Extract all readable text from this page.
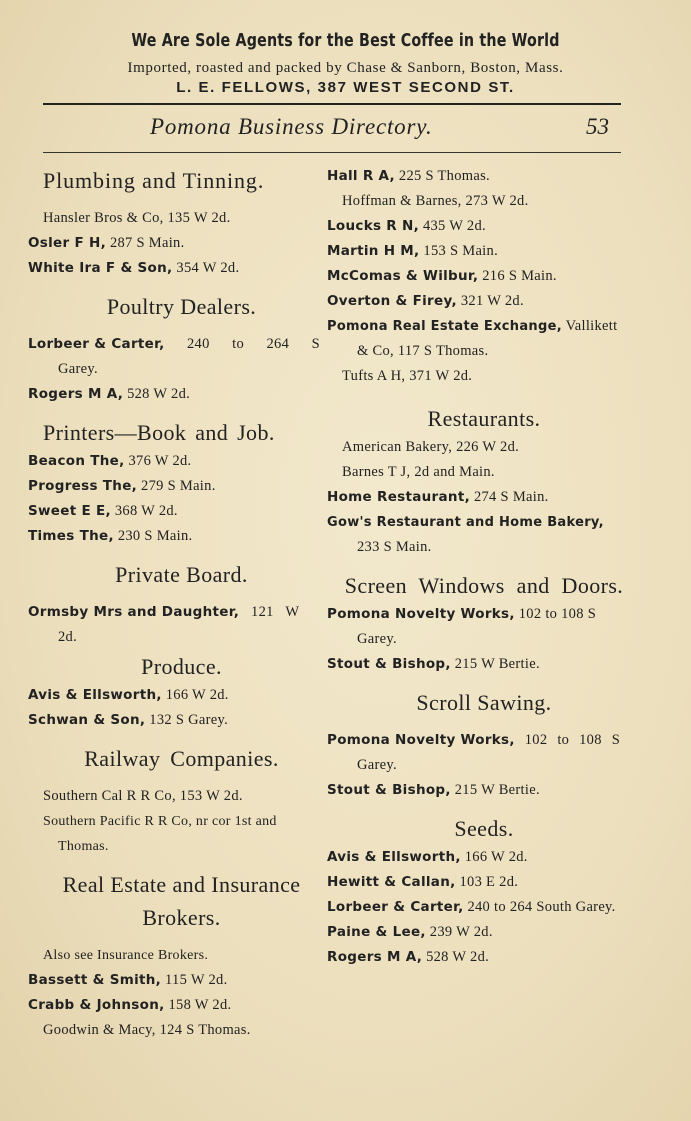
We Are Sole Agents for the Best Coffee in the World
Imported, roasted and packed by Chase & Sanborn, Boston, Mass.
L. E. FELLOWS, 387 WEST SECOND ST.
Pomona Business Directory.	53
Plumbing and Tinning.
Hansler Bros & Co, 135 W 2d.
Osler F H, 287 S Main.
White Ira F & Son, 354 W 2d.
Poultry Dealers.
Lorbeer & Carter, 240 to 264 S Garey.
Rogers M A, 528 W 2d.
Printers—Book and Job.
Beacon The, 376 W 2d.
Progress The, 279 S Main.
Sweet E E, 368 W 2d.
Times The, 230 S Main.
Private Board.
Ormsby Mrs and Daughter, 121 W 2d.
Produce.
Avis & Ellsworth, 166 W 2d.
Schwan & Son, 132 S Garey.
Railway Companies.
Southern Cal R R Co, 153 W 2d.
Southern Pacific R R Co, nr cor 1st and Thomas.
Real Estate and Insurance Brokers.
Also see Insurance Brokers.
Bassett & Smith, 115 W 2d.
Crabb & Johnson, 158 W 2d.
Goodwin & Macy, 124 S Thomas.
Hall R A, 225 S Thomas.
Hoffman & Barnes, 273 W 2d.
Loucks R N, 435 W 2d.
Martin H M, 153 S Main.
McComas & Wilbur, 216 S Main.
Overton & Firey, 321 W 2d.
Pomona Real Estate Exchange, Vallikett & Co, 117 S Thomas.
Tufts A H, 371 W 2d.
Restaurants.
American Bakery, 226 W 2d.
Barnes T J, 2d and Main.
Home Restaurant, 274 S Main.
Gow's Restaurant and Home Bakery, 233 S Main.
Screen Windows and Doors.
Pomona Novelty Works, 102 to 108 S Garey.
Stout & Bishop, 215 W Bertie.
Scroll Sawing.
Pomona Novelty Works, 102 to 108 S Garey.
Stout & Bishop, 215 W Bertie.
Seeds.
Avis & Ellsworth, 166 W 2d.
Hewitt & Callan, 103 E 2d.
Lorbeer & Carter, 240 to 264 South Garey.
Paine & Lee, 239 W 2d.
Rogers M A, 528 W 2d.
